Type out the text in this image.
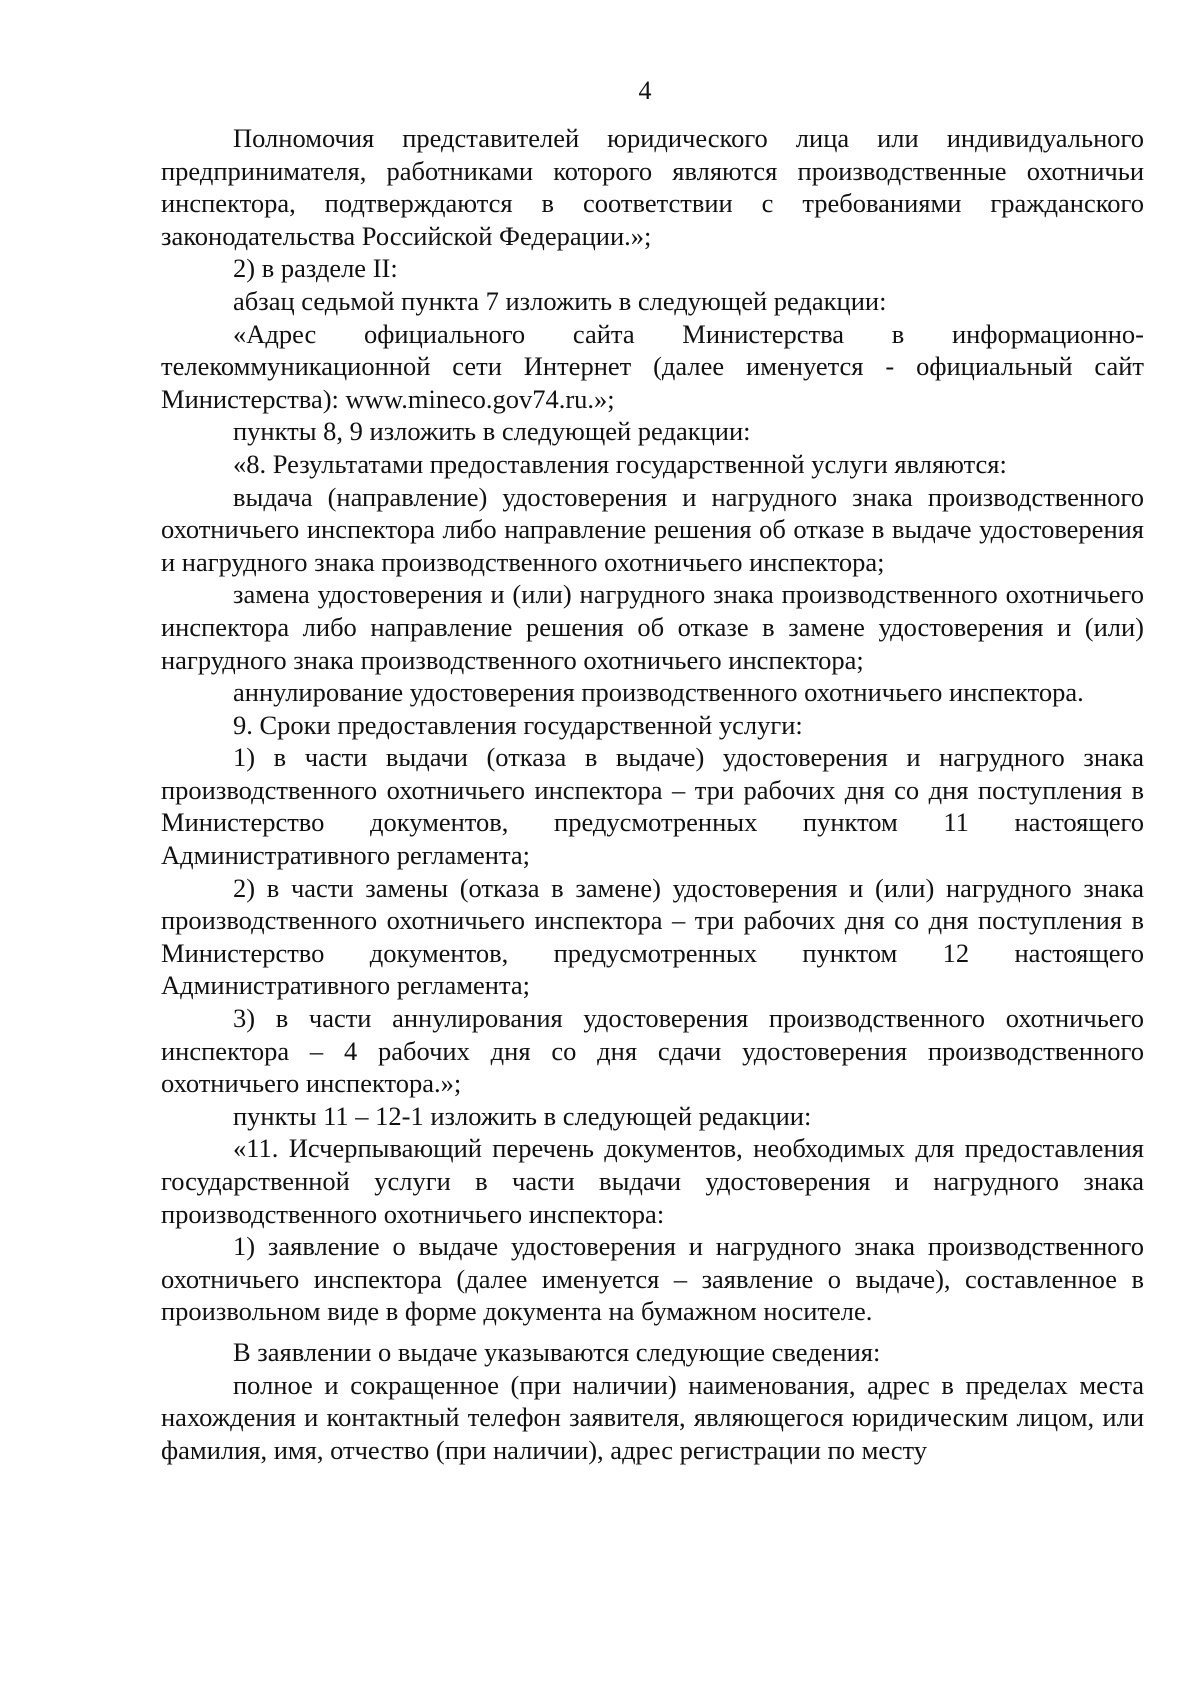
4

Полномочия представителей юридического лица или индивидуального предпринимателя, работниками которого являются производственные охотничьи инспектора, подтверждаются в соответствии с требованиями гражданского законодательства Российской Федерации.»;

2) в разделе II:

абзац седьмой пункта 7 изложить в следующей редакции:

«Адрес официального сайта Министерства в информационно-телекоммуникационной сети Интернет (далее именуется - официальный сайт Министерства): www.mineco.gov74.ru.»;

пункты 8, 9 изложить в следующей редакции:

«8. Результатами предоставления государственной услуги являются:

выдача (направление) удостоверения и нагрудного знака производственного охотничьего инспектора либо направление решения об отказе в выдаче удостоверения и нагрудного знака производственного охотничьего инспектора;

замена удостоверения и (или) нагрудного знака производственного охотничьего инспектора либо направление решения об отказе в замене удостоверения и (или) нагрудного знака производственного охотничьего инспектора;

аннулирование удостоверения производственного охотничьего инспектора.

9. Сроки предоставления государственной услуги:

1) в части выдачи (отказа в выдаче) удостоверения и нагрудного знака производственного охотничьего инспектора – три рабочих дня со дня поступления в Министерство документов, предусмотренных пунктом 11 настоящего Административного регламента;

2) в части замены (отказа в замене) удостоверения и (или) нагрудного знака производственного охотничьего инспектора – три рабочих дня со дня поступления в Министерство документов, предусмотренных пунктом 12 настоящего Административного регламента;

3) в части аннулирования удостоверения производственного охотничьего инспектора – 4 рабочих дня со дня сдачи удостоверения производственного охотничьего инспектора.»;

пункты 11 – 12-1 изложить в следующей редакции:

«11. Исчерпывающий перечень документов, необходимых для предоставления государственной услуги в части выдачи удостоверения и нагрудного знака производственного охотничьего инспектора:

1) заявление о выдаче удостоверения и нагрудного знака производственного охотничьего инспектора (далее именуется – заявление о выдаче), составленное в произвольном виде в форме документа на бумажном носителе.

В заявлении о выдаче указываются следующие сведения:

полное и сокращенное (при наличии) наименования, адрес в пределах места нахождения и контактный телефон заявителя, являющегося юридическим лицом, или фамилия, имя, отчество (при наличии), адрес регистрации по месту
